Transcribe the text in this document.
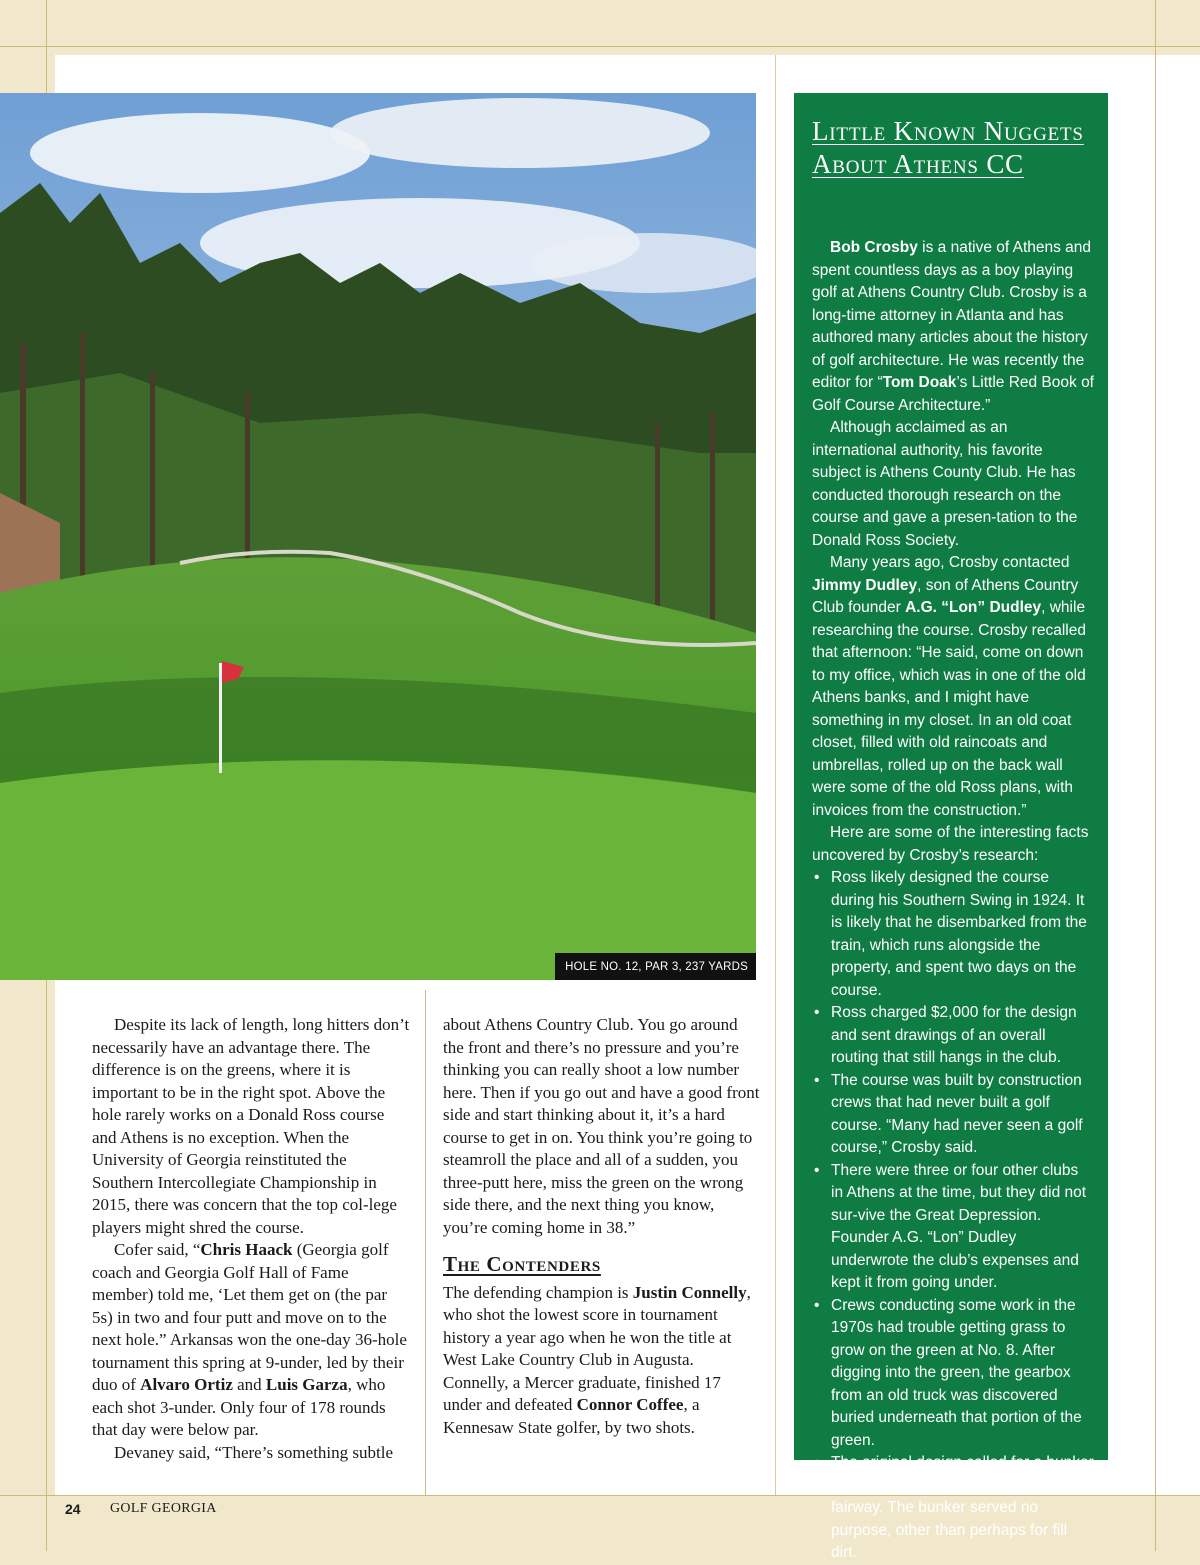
HOLE NO. 12, PAR 3, 237 YARDS

Despite its lack of length, long hitters don’t necessarily have an advantage there. The difference is on the greens, where it is important to be in the right spot. Above the hole rarely works on a Donald Ross course and Athens is no exception. When the University of Georgia reinstituted the Southern Intercollegiate Championship in 2015, there was concern that the top col-lege players might shred the course.

Cofer said, “Chris Haack (Georgia golf coach and Georgia Golf Hall of Fame member) told me, ‘Let them get on (the par 5s) in two and four putt and move on to the next hole.” Arkansas won the one-day 36-hole tournament this spring at 9-under, led by their duo of Alvaro Ortiz and Luis Garza, who each shot 3-under. Only four of 178 rounds that day were below par.

Devaney said, “There’s something subtle

about Athens Country Club. You go around the front and there’s no pressure and you’re thinking you can really shoot a low number here. Then if you go out and have a good front side and start thinking about it, it’s a hard course to get in on. You think you’re going to steamroll the place and all of a sudden, you three-putt here, miss the green on the wrong side there, and the next thing you know, you’re coming home in 38.”

The Contenders

The defending champion is Justin Connelly, who shot the lowest score in tournament history a year ago when he won the title at West Lake Country Club in Augusta. Connelly, a Mercer graduate, finished 17 under and defeated Connor Coffee, a Kennesaw State golfer, by two shots.

Little Known Nuggets About Athens CC

Bob Crosby is a native of Athens and spent countless days as a boy playing golf at Athens Country Club. Crosby is a long-time attorney in Atlanta and has authored many articles about the history of golf architecture. He was recently the editor for “Tom Doak’s Little Red Book of Golf Course Architecture.”

Although acclaimed as an international authority, his favorite subject is Athens County Club. He has conducted thorough research on the course and gave a presen-tation to the Donald Ross Society.

Many years ago, Crosby contacted Jimmy Dudley, son of Athens Country Club founder A.G. “Lon” Dudley, while researching the course. Crosby recalled that afternoon: “He said, come on down to my office, which was in one of the old Athens banks, and I might have something in my closet. In an old coat closet, filled with old raincoats and umbrellas, rolled up on the back wall were some of the old Ross plans, with invoices from the construction.”

Here are some of the interesting facts uncovered by Crosby’s research:

• Ross likely designed the course during his Southern Swing in 1924. It is likely that he disembarked from the train, which runs alongside the property, and spent two days on the course.
• Ross charged $2,000 for the design and sent drawings of an overall routing that still hangs in the club.
• The course was built by construction crews that had never built a golf course. “Many had never seen a golf course,” Crosby said.
• There were three or four other clubs in Athens at the time, but they did not sur-vive the Great Depression. Founder A.G. “Lon” Dudley underwrote the club’s expenses and kept it from going under.
• Crews conducting some work in the 1970s had trouble getting grass to grow on the green at No. 8. After digging into the green, the gearbox from an old truck was discovered buried underneath that portion of the green.
• The original design called for a bunker 30 yards down the hill from the ninth fairway. The bunker served no purpose, other than perhaps for fill dirt.
24 GOLF GEORGIA
